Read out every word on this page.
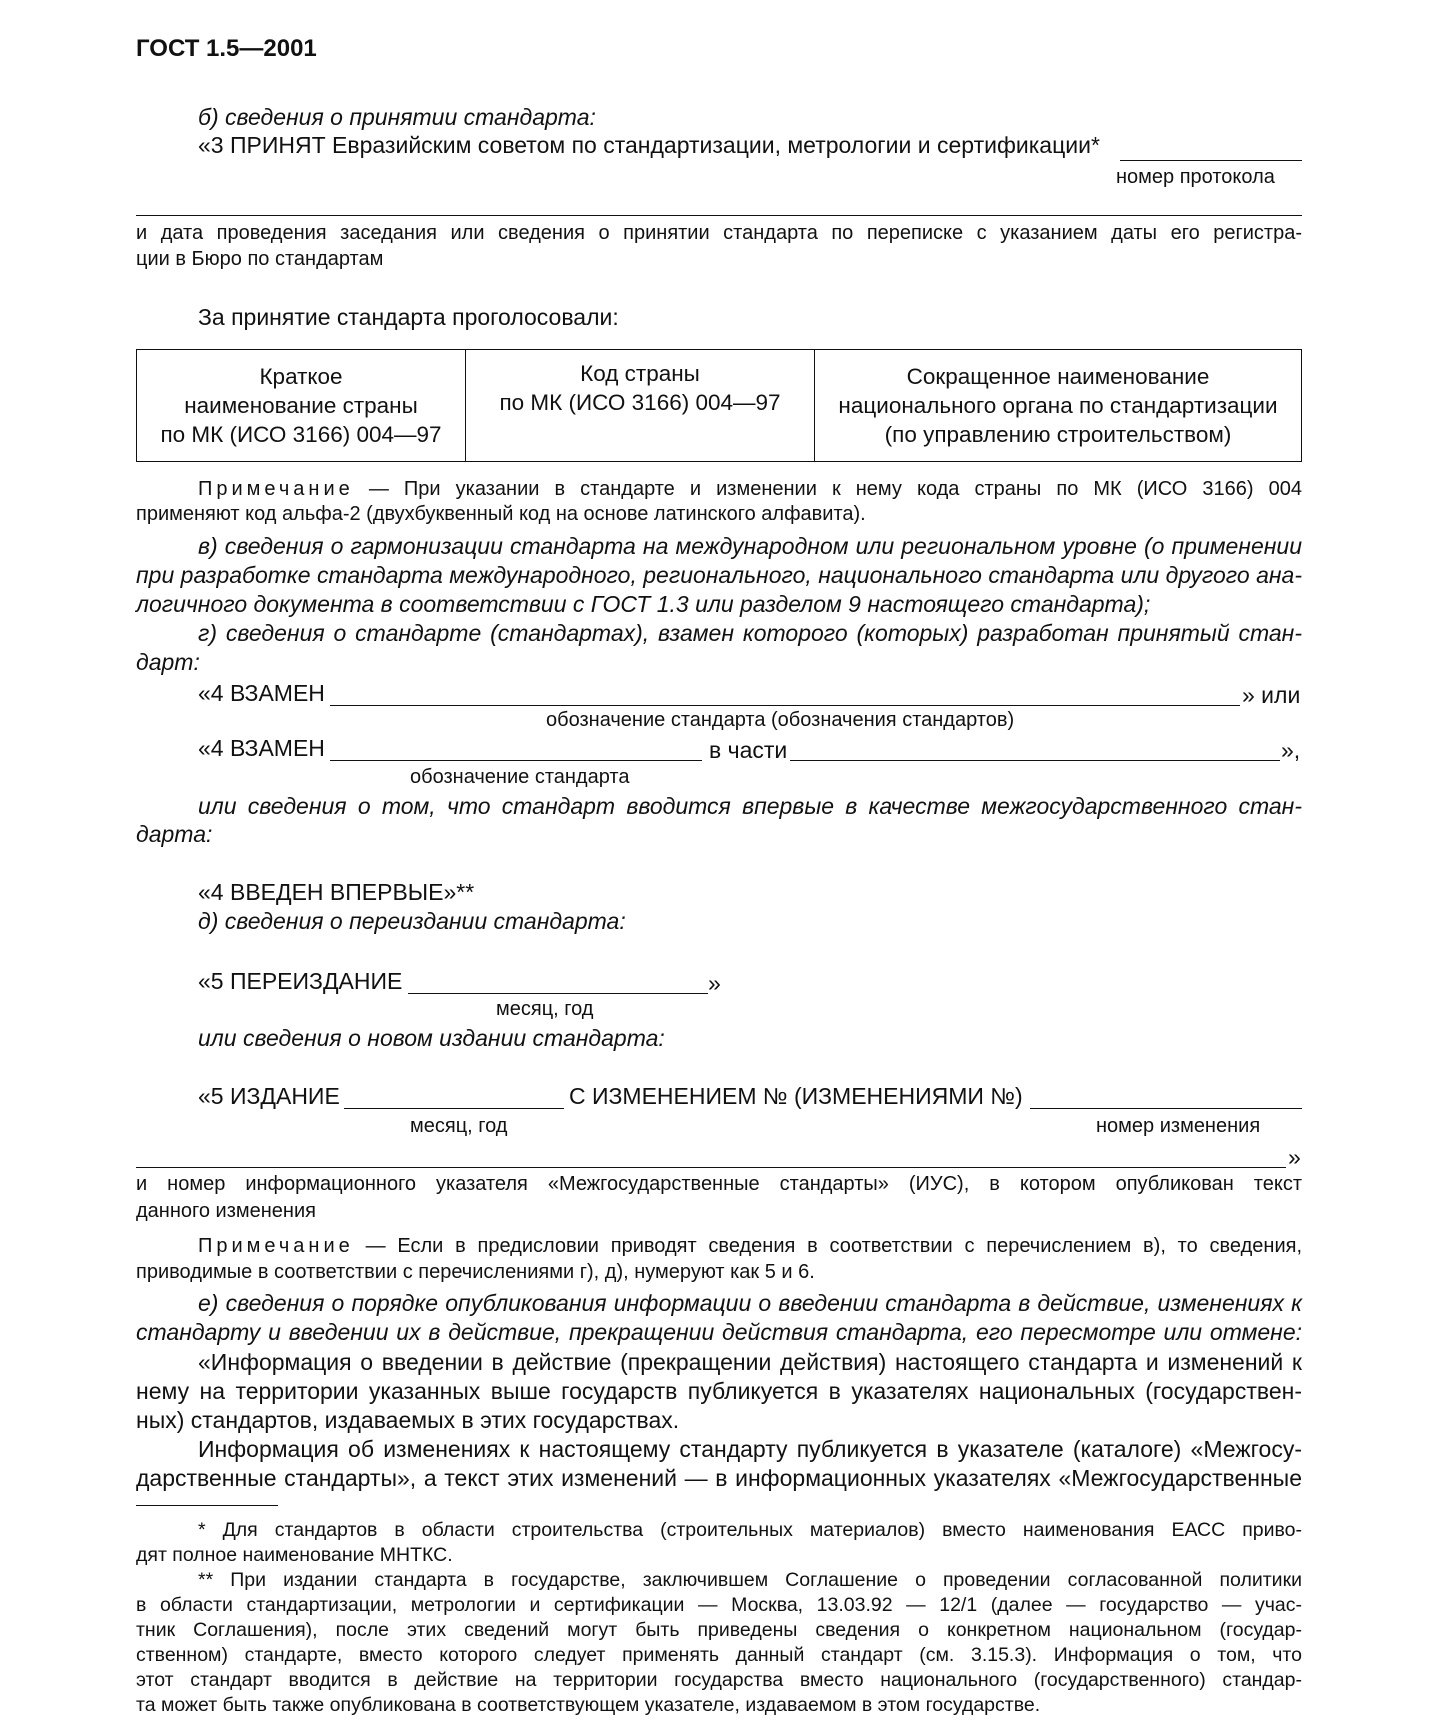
ГОСТ 1.5—2001
б) сведения о принятии стандарта:
«3 ПРИНЯТ Евразийским советом по стандартизации, метрологии и сертификации*
номер протокола
и дата проведения заседания или сведения о принятии стандарта по переписке с указанием даты его регистра-
ции в Бюро по стандартам
За принятие стандарта проголосовали:
Краткое
наименование страны
по МК (ИСО 3166) 004—97

Код страны
по МК (ИСО 3166) 004—97

Сокращенное наименование
национального органа по стандартизации
(по управлению строительством)
Примечание — При указании в стандарте и изменении к нему кода страны по МК (ИСО 3166) 004
применяют код альфа-2 (двухбуквенный код на основе латинского алфавита).
в) сведения о гармонизации стандарта на международном или региональном уровне (о применении
при разработке стандарта международного, регионального, национального стандарта или другого ана-
логичного документа в соответствии с ГОСТ 1.3 или разделом 9 настоящего стандарта);
г) сведения о стандарте (стандартах), взамен которого (которых) разработан принятый стан-
дарт:
«4 ВЗАМЕН	» или
обозначение стандарта (обозначения стандартов)
«4 ВЗАМЕН	в части	»,
обозначение стандарта
или сведения о том, что стандарт вводится впервые в качестве межгосударственного стан-
дарта:
«4 ВВЕДЕН ВПЕРВЫЕ»**
д) сведения о переиздании стандарта:
«5 ПЕРЕИЗДАНИЕ	»
месяц, год
или сведения о новом издании стандарта:
«5 ИЗДАНИЕ	С ИЗМЕНЕНИЕМ № (ИЗМЕНЕНИЯМИ №)
месяц, год	номер изменения
»
и номер информационного указателя «Межгосударственные стандарты» (ИУС), в котором опубликован текст
данного изменения
Примечание — Если в предисловии приводят сведения в соответствии с перечислением в), то сведения,
приводимые в соответствии с перечислениями г), д), нумеруют как 5 и 6.
е) сведения о порядке опубликования информации о введении стандарта в действие, изменениях к
стандарту и введении их в действие, прекращении действия стандарта, его пересмотре или отмене:
«Информация о введении в действие (прекращении действия) настоящего стандарта и изменений к
нему на территории указанных выше государств публикуется в указателях национальных (государствен-
ных) стандартов, издаваемых в этих государствах.
Информация об изменениях к настоящему стандарту публикуется в указателе (каталоге) «Межгосу-
дарственные стандарты», а текст этих изменений — в информационных указателях «Межгосударственные
* Для стандартов в области строительства (строительных материалов) вместо наименования ЕАСС приво-
дят полное наименование МНТКС.
** При издании стандарта в государстве, заключившем Соглашение о проведении согласованной политики
в области стандартизации, метрологии и сертификации — Москва, 13.03.92 — 12/1 (далее — государство — учас-
тник Соглашения), после этих сведений могут быть приведены сведения о конкретном национальном (государ-
ственном) стандарте, вместо которого следует применять данный стандарт (см. 3.15.3). Информация о том, что
этот стандарт вводится в действие на территории государства вместо национального (государственного) стандар-
та может быть также опубликована в соответствующем указателе, издаваемом в этом государстве.
